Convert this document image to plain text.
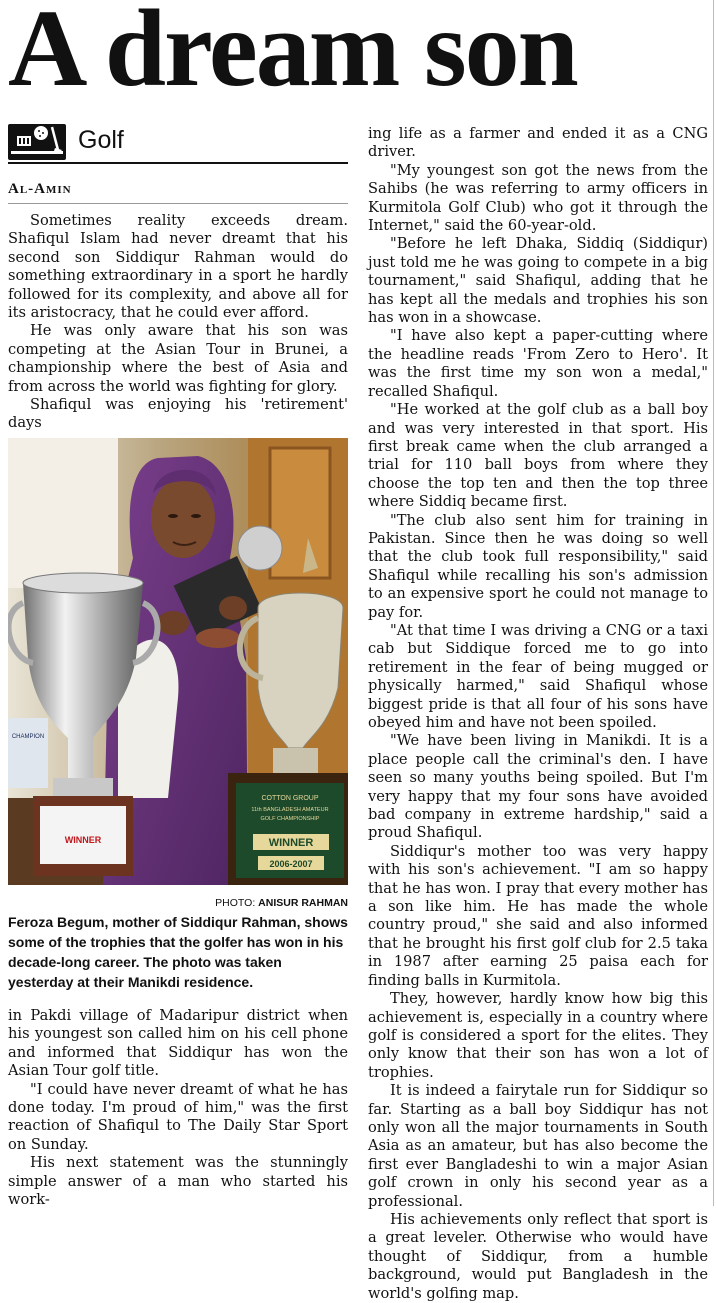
A dream son
Golf
Al-Amin

Sometimes reality exceeds dream. Shafiqul Islam had never dreamt that his second son Siddiqur Rahman would do something extraordinary in a sport he hardly followed for its complexity, and above all for its aristocracy, that he could ever afford.

He was only aware that his son was competing at the Asian Tour in Brunei, a championship where the best of Asia and from across the world was fighting for glory.

Shafiqul was enjoying his 'retirement' days

WINNER
CHAMPION
COTTON GROUP
11th BANGLADESH AMATEUR
GOLF CHAMPIONSHIP
WINNER
2006-2007
PHOTO: ANISUR RAHMAN
Feroza Begum, mother of Siddiqur Rahman, shows some of the trophies that the golfer has won in his decade-long career. The photo was taken yesterday at their Manikdi residence.

in Pakdi village of Madaripur district when his youngest son called him on his cell phone and informed that Siddiqur has won the Asian Tour golf title.

"I could have never dreamt of what he has done today. I'm proud of him," was the first reaction of Shafiqul to The Daily Star Sport on Sunday.

His next statement was the stunningly simple answer of a man who started his work-

ing life as a farmer and ended it as a CNG driver.

"My youngest son got the news from the Sahibs (he was referring to army officers in Kurmitola Golf Club) who got it through the Internet," said the 60-year-old.

"Before he left Dhaka, Siddiq (Siddiqur) just told me he was going to compete in a big tournament," said Shafiqul, adding that he has kept all the medals and trophies his son has won in a showcase.

"I have also kept a paper-cutting where the headline reads 'From Zero to Hero'. It was the first time my son won a medal," recalled Shafiqul.

"He worked at the golf club as a ball boy and was very interested in that sport. His first break came when the club arranged a trial for 110 ball boys from where they choose the top ten and then the top three where Siddiq became first.

"The club also sent him for training in Pakistan. Since then he was doing so well that the club took full responsibility," said Shafiqul while recalling his son's admission to an expensive sport he could not manage to pay for.

"At that time I was driving a CNG or a taxi cab but Siddique forced me to go into retirement in the fear of being mugged or physically harmed," said Shafiqul whose biggest pride is that all four of his sons have obeyed him and have not been spoiled.

"We have been living in Manikdi. It is a place people call the criminal's den. I have seen so many youths being spoiled. But I'm very happy that my four sons have avoided bad company in extreme hardship," said a proud Shafiqul.

Siddiqur's mother too was very happy with his son's achievement. "I am so happy that he has won. I pray that every mother has a son like him. He has made the whole country proud," she said and also informed that he brought his first golf club for 2.5 taka in 1987 after earning 25 paisa each for finding balls in Kurmitola.

They, however, hardly know how big this achievement is, especially in a country where golf is considered a sport for the elites. They only know that their son has won a lot of trophies.

It is indeed a fairytale run for Siddiqur so far. Starting as a ball boy Siddiqur has not only won all the major tournaments in South Asia as an amateur, but has also become the first ever Bangladeshi to win a major Asian golf crown in only his second year as a professional.

His achievements only reflect that sport is a great leveler. Otherwise who would have thought of Siddiqur, from a humble background, would put Bangladesh in the world's golfing map.
